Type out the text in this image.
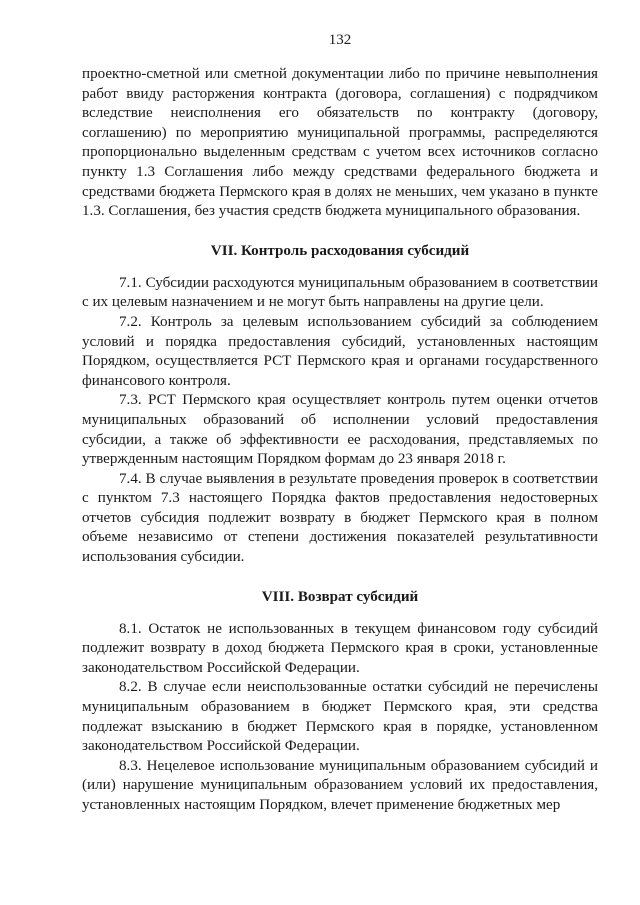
132

проектно-сметной или сметной документации либо по причине невыполнения работ ввиду расторжения контракта (договора, соглашения) с подрядчиком вследствие неисполнения его обязательств по контракту (договору, соглашению) по мероприятию муниципальной программы, распределяются пропорционально выделенным средствам с учетом всех источников согласно пункту 1.3 Соглашения либо между средствами федерального бюджета и средствами бюджета Пермского края в долях не меньших, чем указано в пункте 1.3. Соглашения, без участия средств бюджета муниципального образования.

VII. Контроль расходования субсидий

7.1. Субсидии расходуются муниципальным образованием в соответствии с их целевым назначением и не могут быть направлены на другие цели.

7.2. Контроль за целевым использованием субсидий за соблюдением условий и порядка предоставления субсидий, установленных настоящим Порядком, осуществляется РСТ Пермского края и органами государственного финансового контроля.

7.3. РСТ Пермского края осуществляет контроль путем оценки отчетов муниципальных образований об исполнении условий предоставления субсидии, а также об эффективности ее расходования, представляемых по утвержденным настоящим Порядком формам до 23 января 2018 г.

7.4. В случае выявления в результате проведения проверок в соответствии с пунктом 7.3 настоящего Порядка фактов предоставления недостоверных отчетов субсидия подлежит возврату в бюджет Пермского края в полном объеме независимо от степени достижения показателей результативности использования субсидии.

VIII. Возврат субсидий

8.1. Остаток не использованных в текущем финансовом году субсидий подлежит возврату в доход бюджета Пермского края в сроки, установленные законодательством Российской Федерации.

8.2. В случае если неиспользованные остатки субсидий не перечислены муниципальным образованием в бюджет Пермского края, эти средства подлежат взысканию в бюджет Пермского края в порядке, установленном законодательством Российской Федерации.

8.3. Нецелевое использование муниципальным образованием субсидий и (или) нарушение муниципальным образованием условий их предоставления, установленных настоящим Порядком, влечет применение бюджетных мер
